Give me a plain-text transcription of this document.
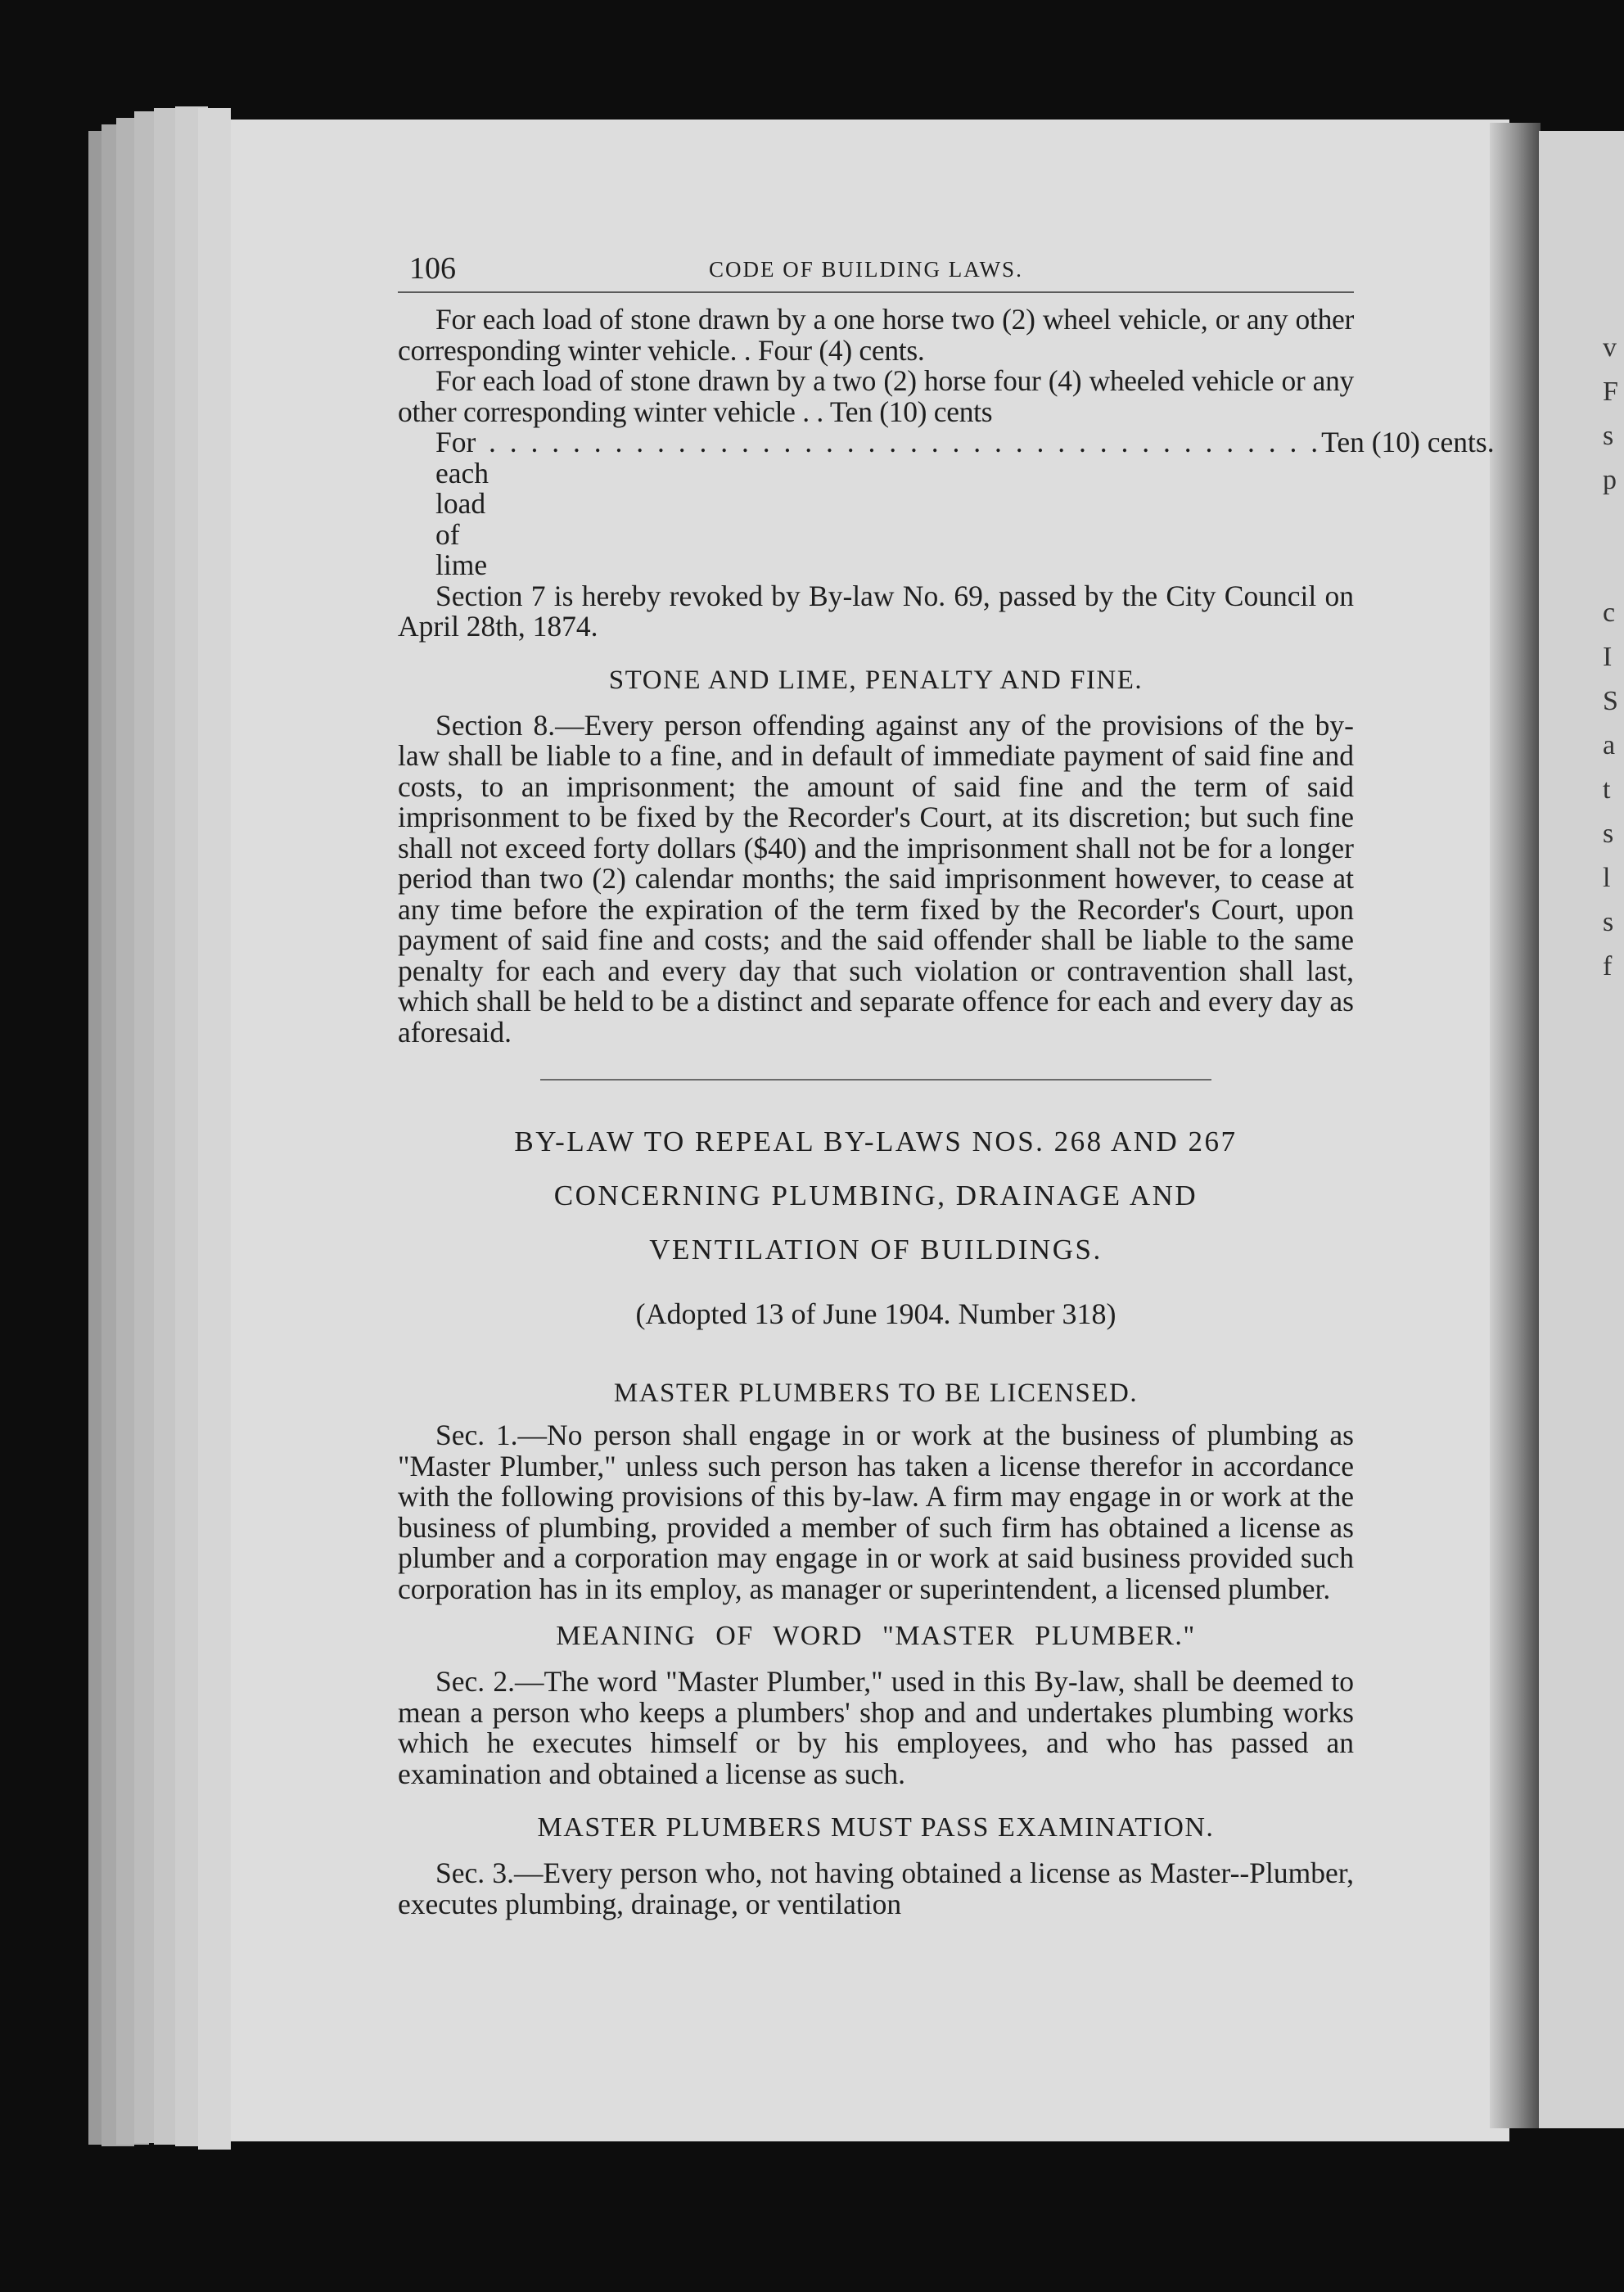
v
F
s
p
c
I
S
a
t
s
l
s
f
106	CODE OF BUILDING LAWS.

For each load of stone drawn by a one horse two (2) wheel vehicle, or any other corresponding winter vehicle. . Four (4) cents.

For each load of stone drawn by a two (2) horse four (4) wheeled vehicle or any other corresponding winter vehicle . . Ten (10) cents

For each load of lime
. . . . . . . . . . . . . . . . . . . . . . . . . . . . . . . . . . . . . . . . Ten (10) cents.

Section 7 is hereby revoked by By-law No. 69, passed by the City Council on April 28th, 1874.

STONE AND LIME, PENALTY AND FINE.

Section 8.—Every person offending against any of the provisions of the by-law shall be liable to a fine, and in default of immediate payment of said fine and costs, to an imprisonment; the amount of said fine and the term of said imprisonment to be fixed by the Recorder's Court, at its discretion; but such fine shall not exceed forty dollars ($40) and the imprisonment shall not be for a longer period than two (2) calendar months; the said imprisonment however, to cease at any time before the expiration of the term fixed by the Recorder's Court, upon payment of said fine and costs; and the said offender shall be liable to the same penalty for each and every day that such violation or contravention shall last, which shall be held to be a distinct and separate offence for each and every day as aforesaid.

BY-LAW TO REPEAL BY-LAWS NOS. 268 AND 267
CONCERNING PLUMBING, DRAINAGE AND
VENTILATION OF BUILDINGS.

(Adopted 13 of June 1904. Number 318)

MASTER PLUMBERS TO BE LICENSED.

Sec. 1.—No person shall engage in or work at the business of plumbing as "Master Plumber," unless such person has taken a license therefor in accordance with the following provisions of this by-law. A firm may engage in or work at the business of plumbing, provided a member of such firm has obtained a license as plumber and a corporation may engage in or work at said business provided such corporation has in its employ, as manager or superintendent, a licensed plumber.

MEANING OF WORD "MASTER PLUMBER."

Sec. 2.—The word "Master Plumber," used in this By-law, shall be deemed to mean a person who keeps a plumbers' shop and and undertakes plumbing works which he executes himself or by his employees, and who has passed an examination and obtained a license as such.

MASTER PLUMBERS MUST PASS EXAMINATION.

Sec. 3.—Every person who, not having obtained a license as Master--Plumber, executes plumbing, drainage, or ventilation
